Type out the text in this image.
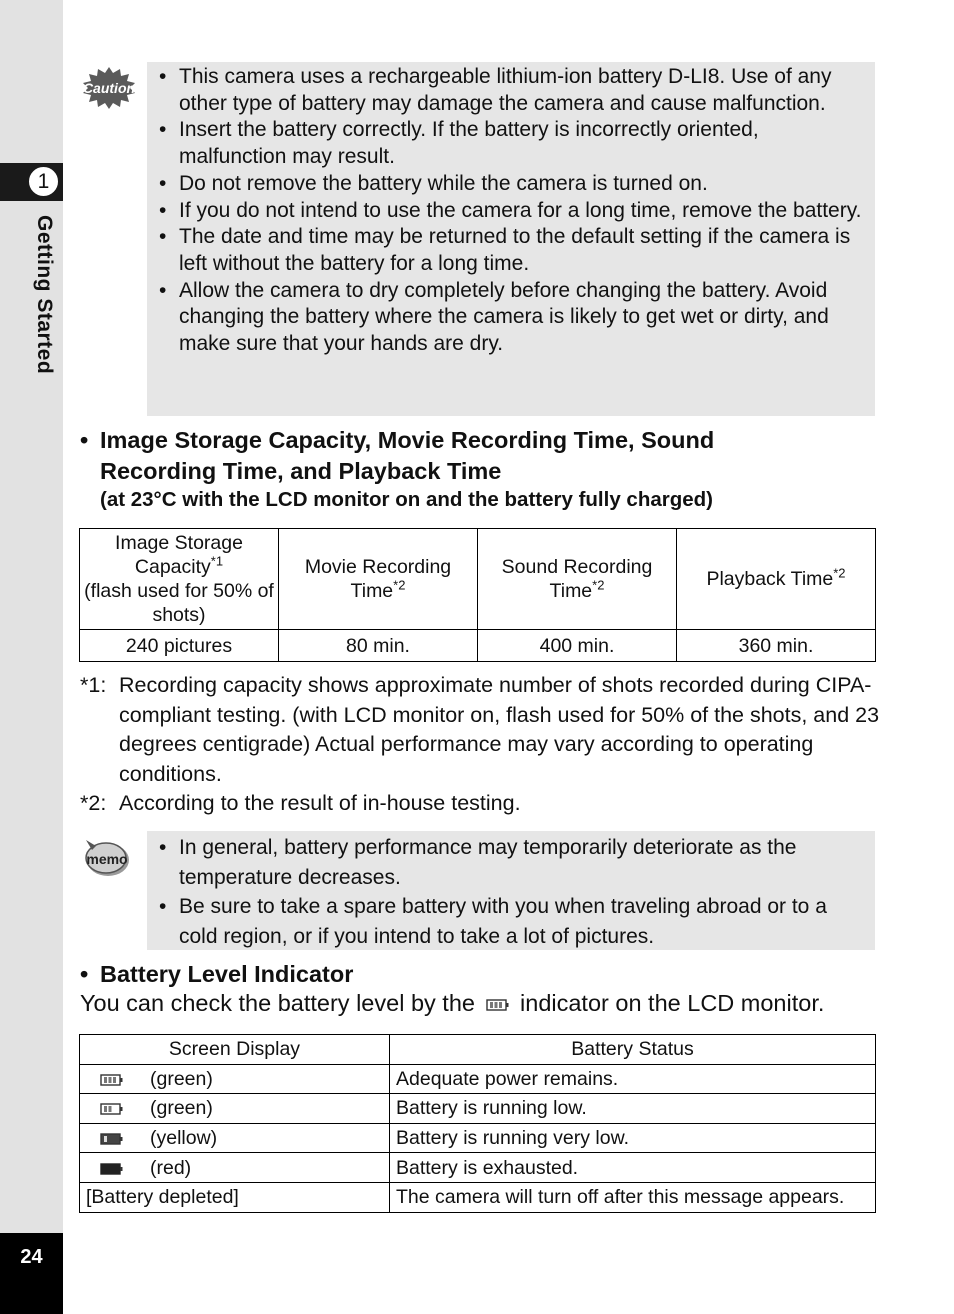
1
Getting Started
24
Caution	• This camera uses a rechargeable lithium-ion battery D-LI8. Use of any other type of battery may damage the camera and cause malfunction.
• Insert the battery correctly. If the battery is incorrectly oriented, malfunction may result.
• Do not remove the battery while the camera is turned on.
• If you do not intend to use the camera for a long time, remove the battery.
• The date and time may be returned to the default setting if the camera is left without the battery for a long time.
• Allow the camera to dry completely before changing the battery. Avoid changing the battery where the camera is likely to get wet or dirty, and make sure that your hands are dry.
• Image Storage Capacity, Movie Recording Time, Sound Recording Time, and Playback Time
(at 23°C with the LCD monitor on and the battery fully charged)
Image Storage Capacity$^{*1}$
(flash used for 50% of shots)	Movie Recording Time$^{*2}$	Sound Recording Time$^{*2}$	Playback Time$^{*2}$
240 pictures	80 min.	400 min.	360 min.
*1: Recording capacity shows approximate number of shots recorded during CIPA-compliant testing. (with LCD monitor on, flash used for 50% of the shots, and 23 degrees centigrade) Actual performance may vary according to operating conditions.
*2: According to the result of in-house testing.
memo	• In general, battery performance may temporarily deteriorate as the temperature decreases.
• Be sure to take a spare battery with you when traveling abroad or to a cold region, or if you intend to take a lot of pictures.
• Battery Level Indicator
You can check the battery level by the indicator on the LCD monitor.
Screen Display	Battery Status
(green)	Adequate power remains.
(green)	Battery is running low.
(yellow)	Battery is running very low.
(red)	Battery is exhausted.
[Battery depleted]	The camera will turn off after this message appears.
